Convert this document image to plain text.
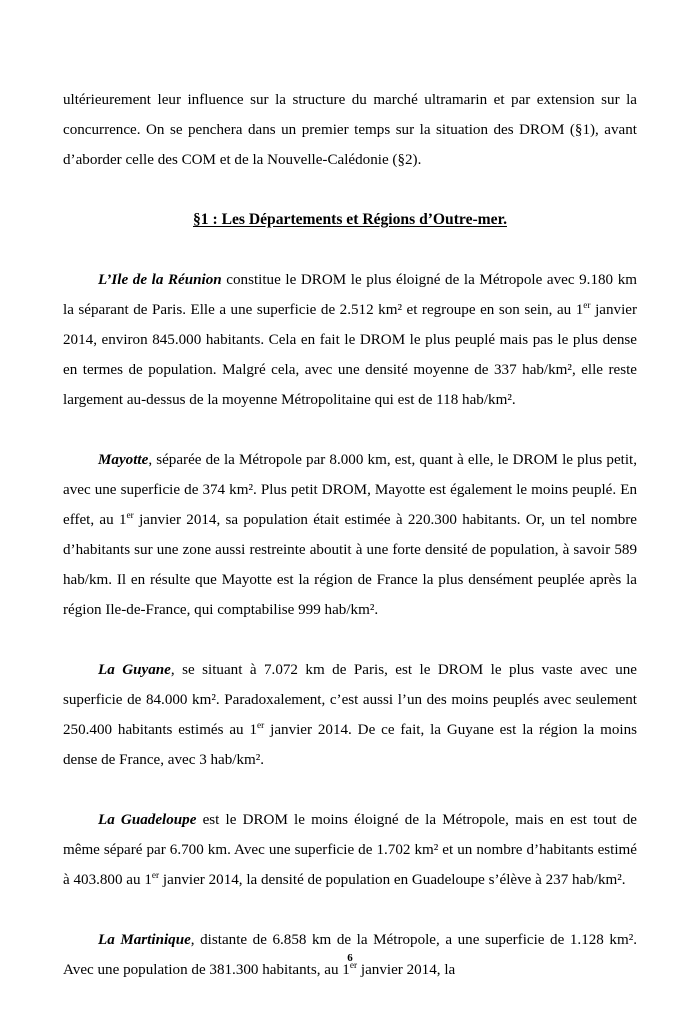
ultérieurement leur influence sur la structure du marché ultramarin et par extension sur la concurrence. On se penchera dans un premier temps sur la situation des DROM (§1), avant d’aborder celle des COM et de la Nouvelle-Calédonie (§2).

§1 : Les Départements et Régions d’Outre-mer.

L’Ile de la Réunion constitue le DROM le plus éloigné de la Métropole avec 9.180 km la séparant de Paris. Elle a une superficie de 2.512 km² et regroupe en son sein, au 1er janvier 2014, environ 845.000 habitants. Cela en fait le DROM le plus peuplé mais pas le plus dense en termes de population. Malgré cela, avec une densité moyenne de 337 hab/km², elle reste largement au-dessus de la moyenne Métropolitaine qui est de 118 hab/km².

Mayotte, séparée de la Métropole par 8.000 km, est, quant à elle, le DROM le plus petit, avec une superficie de 374 km². Plus petit DROM, Mayotte est également le moins peuplé. En effet, au 1er janvier 2014, sa population était estimée à 220.300 habitants. Or, un tel nombre d’habitants sur une zone aussi restreinte aboutit à une forte densité de population, à savoir 589 hab/km. Il en résulte que Mayotte est la région de France la plus densément peuplée après la région Ile-de-France, qui comptabilise 999 hab/km².

La Guyane, se situant à 7.072 km de Paris, est le DROM le plus vaste avec une superficie de 84.000 km². Paradoxalement, c’est aussi l’un des moins peuplés avec seulement 250.400 habitants estimés au 1er janvier 2014. De ce fait, la Guyane est la région la moins dense de France, avec 3 hab/km².

La Guadeloupe est le DROM le moins éloigné de la Métropole, mais en est tout de même séparé par 6.700 km. Avec une superficie de 1.702 km² et un nombre d’habitants estimé à 403.800 au 1er janvier 2014, la densité de population en Guadeloupe s’élève à 237 hab/km².

La Martinique, distante de 6.858 km de la Métropole, a une superficie de 1.128 km². Avec une population de 381.300 habitants, au 1er janvier 2014, la

6
